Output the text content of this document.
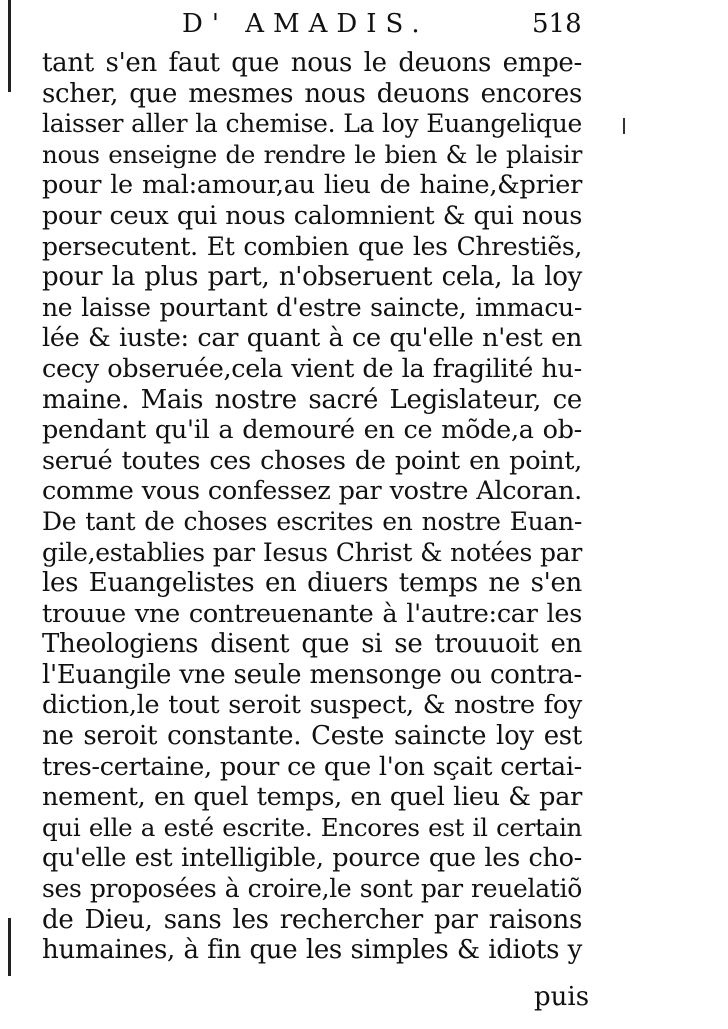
D' AMADIS.	518
tant s'en faut que nous le deuons empe-
scher, que mesmes nous deuons encores
laisser aller la chemise. La loy Euangelique
nous enseigne de rendre le bien & le plaisir
pour le mal:amour,au lieu de haine,&prier
pour ceux qui nous calomnient & qui nous
persecutent. Et combien que les Chrestiẽs,
pour la plus part, n'obseruent cela, la loy
ne laisse pourtant d'estre saincte, immacu-
lée & iuste: car quant à ce qu'elle n'est en
cecy obseruée,cela vient de la fragilité hu-
maine. Mais nostre sacré Legislateur, ce
pendant qu'il a demouré en ce mõde,a ob-
serué toutes ces choses de point en point,
comme vous confessez par vostre Alcoran.
De tant de choses escrites en nostre Euan-
gile,establies par Iesus Christ & notées par
les Euangelistes en diuers temps ne s'en
trouue vne contreuenante à l'autre:car les
Theologiens disent que si se trouuoit en
l'Euangile vne seule mensonge ou contra-
diction,le tout seroit suspect, & nostre foy
ne seroit constante. Ceste saincte loy est
tres-certaine, pour ce que l'on sçait certai-
nement, en quel temps, en quel lieu & par
qui elle a esté escrite. Encores est il certain
qu'elle est intelligible, pource que les cho-
ses proposées à croire,le sont par reuelatiõ
de Dieu, sans les rechercher par raisons
humaines, à fin que les simples & idiots y
puis
